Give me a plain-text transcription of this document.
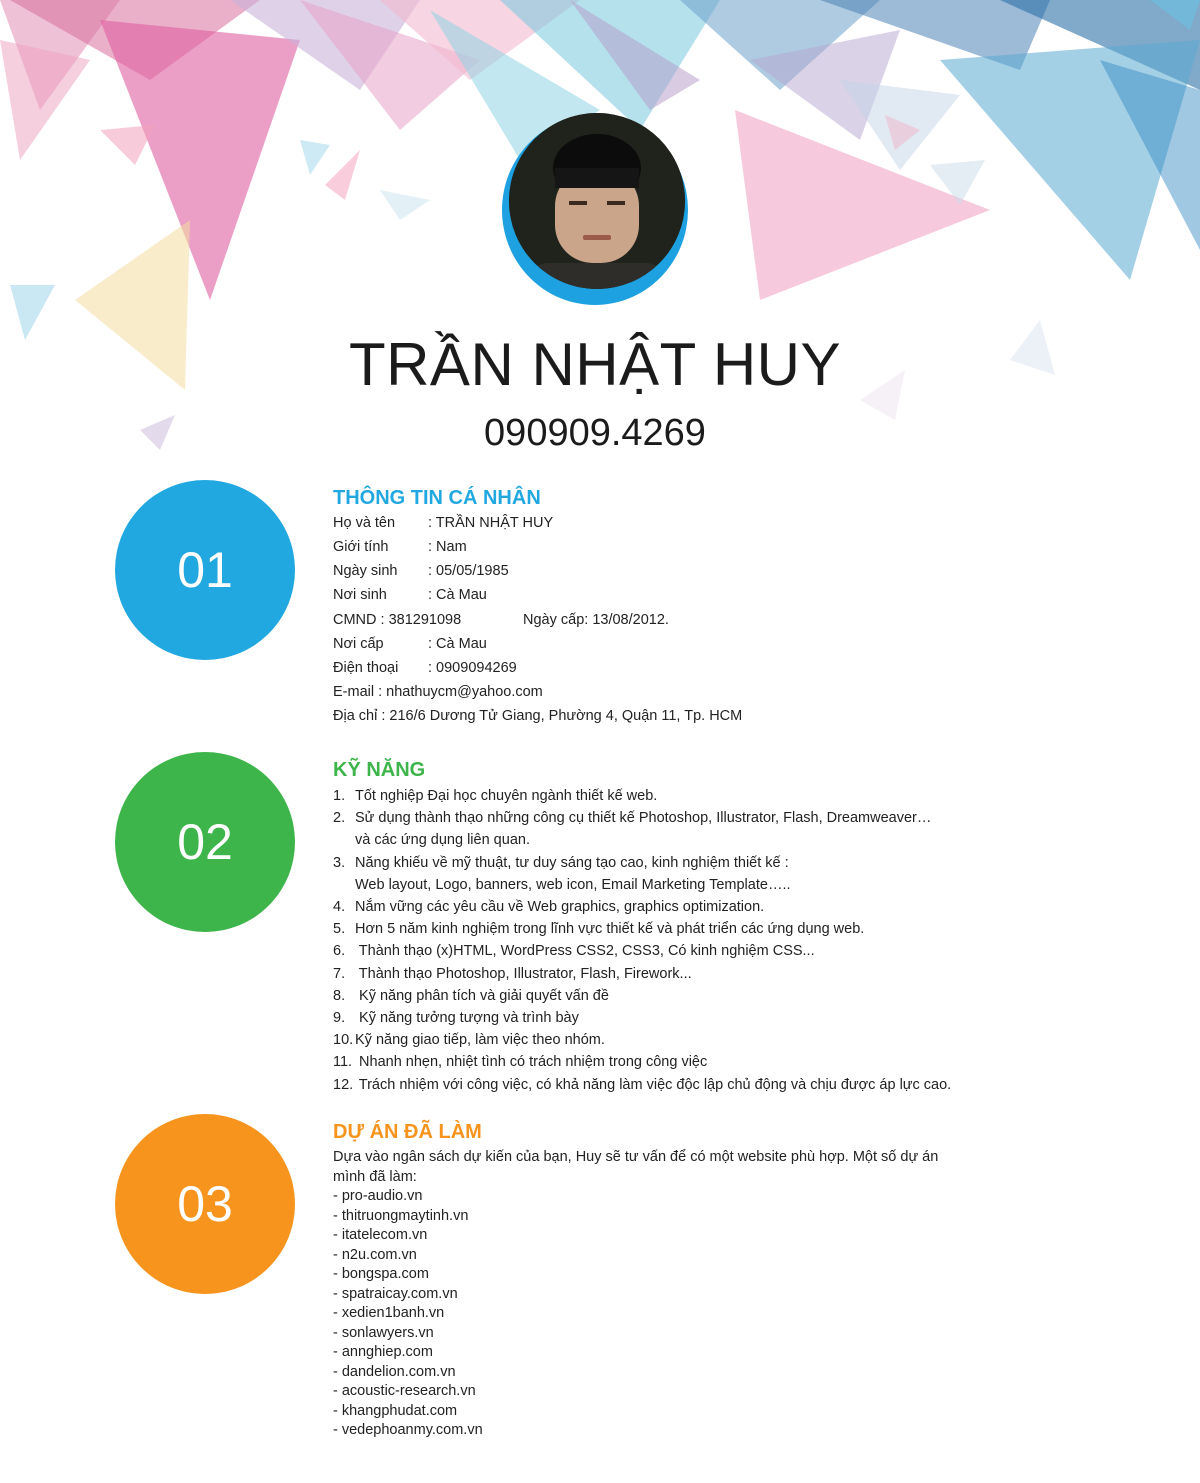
TRẦN NHẬT HUY
090909.4269
01
THÔNG TIN CÁ NHÂN
Họ và tên : TRẦN NHẬT HUY
Giới tính	: Nam
Ngày sinh : 05/05/1985
Nơi sinh	: Cà Mau
CMND : 381291098	Ngày cấp: 13/08/2012.
Nơi cấp	: Cà Mau
Điện thoại : 0909094269
E-mail : nhathuycm@yahoo.com
Địa chỉ : 216/6 Dương Tử Giang, Phường 4, Quận 11, Tp. HCM
02
KỸ NĂNG
1. Tốt nghiệp Đại học chuyên ngành thiết kế web.
2. Sử dụng thành thạo những công cụ thiết kế Photoshop, Illustrator, Flash, Dreamweaver…
và các ứng dụng liên quan.
3. Năng khiếu về mỹ thuật, tư duy sáng tạo cao, kinh nghiệm thiết kế :
Web layout, Logo, banners, web icon, Email Marketing Template…..
4. Nắm vững các yêu cầu về Web graphics, graphics optimization.
5. Hơn 5 năm kinh nghiệm trong lĩnh vực thiết kế và phát triển các ứng dụng web.
6. Thành thạo (x)HTML, WordPress CSS2, CSS3, Có kinh nghiệm CSS...
7. Thành thạo Photoshop, Illustrator, Flash, Firework...
8. Kỹ năng phân tích và giải quyết vấn đề
9. Kỹ năng tưởng tượng và trình bày
10. Kỹ năng giao tiếp, làm việc theo nhóm.
11. Nhanh nhẹn, nhiệt tình có trách nhiệm trong công việc
12. Trách nhiệm với công việc, có khả năng làm việc độc lập chủ động và chịu được áp lực cao.
03
DỰ ÁN ĐÃ LÀM
Dựa vào ngân sách dự kiến của bạn, Huy sẽ tư vấn để có một website phù hợp. Một số dự án mình đã làm:
- pro-audio.vn
- thitruongmaytinh.vn
- itatelecom.vn
- n2u.com.vn
- bongspa.com
- spatraicay.com.vn
- xedien1banh.vn
- sonlawyers.vn
- annghiep.com
- dandelion.com.vn
- acoustic-research.vn
- khangphudat.com
- vedephoanmy.com.vn
